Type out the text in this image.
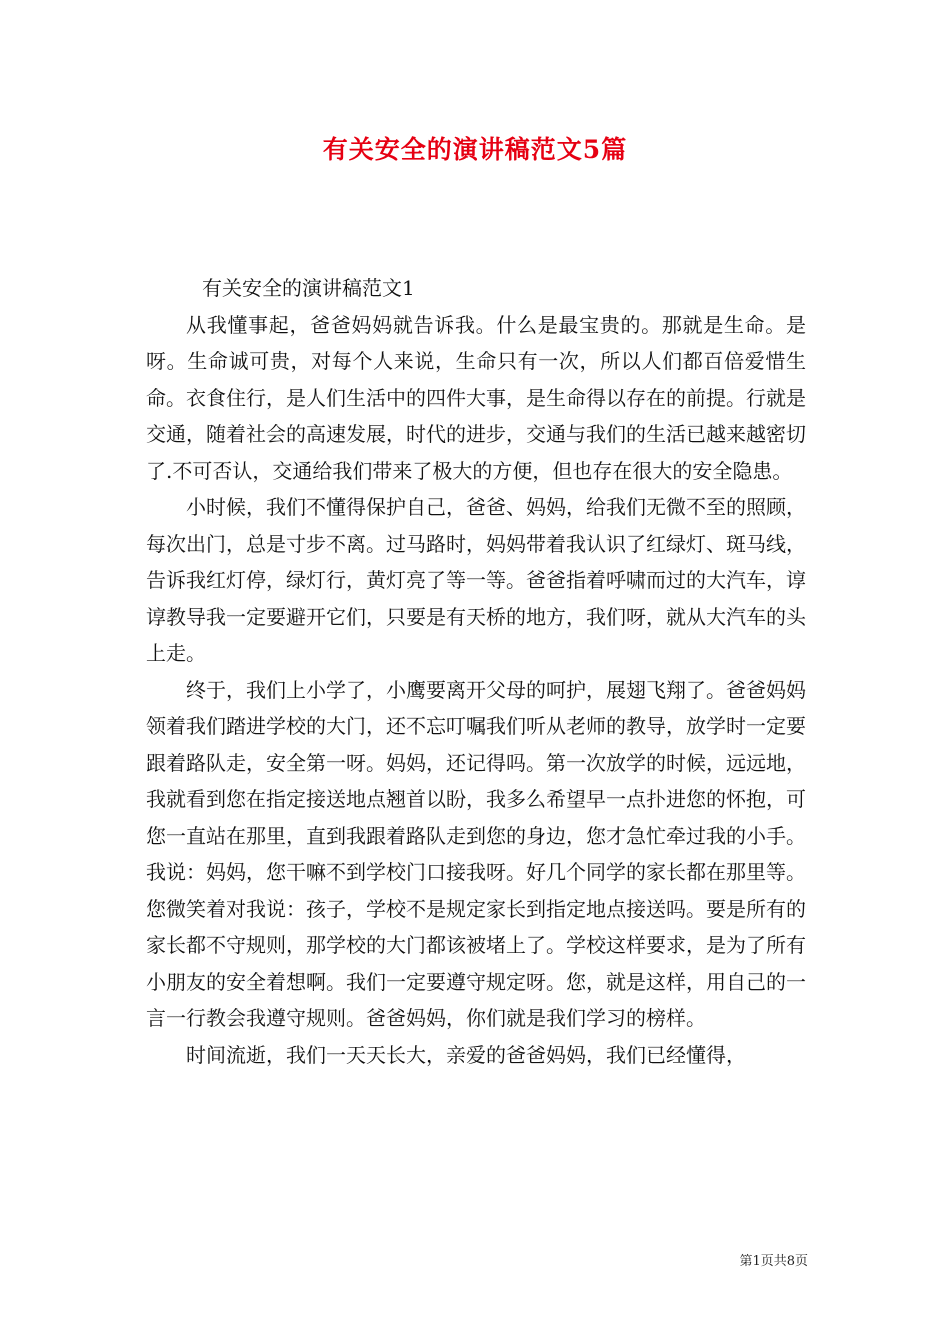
有关安全的演讲稿范文5篇

有关安全的演讲稿范文1

从我懂事起，爸爸妈妈就告诉我。什么是最宝贵的。那就是生命。是呀。生命诚可贵，对每个人来说，生命只有一次，所以人们都百倍爱惜生命。衣食住行，是人们生活中的四件大事，是生命得以存在的前提。行就是交通，随着社会的高速发展，时代的进步，交通与我们的生活已越来越密切了.不可否认，交通给我们带来了极大的方便，但也存在很大的安全隐患。

小时候，我们不懂得保护自己，爸爸、妈妈，给我们无微不至的照顾，每次出门，总是寸步不离。过马路时，妈妈带着我认识了红绿灯、斑马线，告诉我红灯停，绿灯行，黄灯亮了等一等。爸爸指着呼啸而过的大汽车，谆谆教导我一定要避开它们，只要是有天桥的地方，我们呀，就从大汽车的头上走。

终于，我们上小学了，小鹰要离开父母的呵护，展翅飞翔了。爸爸妈妈领着我们踏进学校的大门，还不忘叮嘱我们听从老师的教导，放学时一定要跟着路队走，安全第一呀。妈妈，还记得吗。第一次放学的时候，远远地，我就看到您在指定接送地点翘首以盼，我多么希望早一点扑进您的怀抱，可您一直站在那里，直到我跟着路队走到您的身边，您才急忙牵过我的小手。我说：妈妈，您干嘛不到学校门口接我呀。好几个同学的家长都在那里等。您微笑着对我说：孩子，学校不是规定家长到指定地点接送吗。要是所有的家长都不守规则，那学校的大门都该被堵上了。学校这样要求，是为了所有小朋友的安全着想啊。我们一定要遵守规定呀。您，就是这样，用自己的一言一行教会我遵守规则。爸爸妈妈，你们就是我们学习的榜样。

时间流逝，我们一天天长大，亲爱的爸爸妈妈，我们已经懂得，

第1页共8页
